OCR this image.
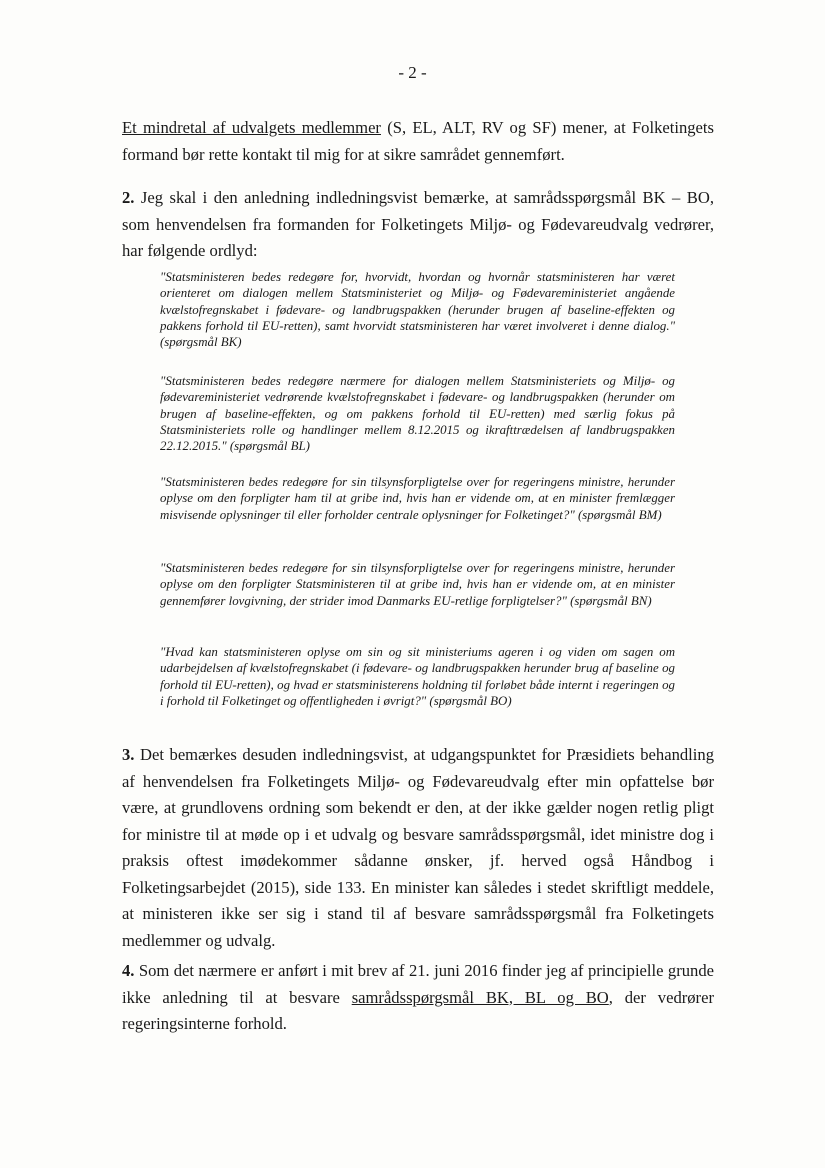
- 2 -

Et mindretal af udvalgets medlemmer (S, EL, ALT, RV og SF) mener, at Folketingets formand bør rette kontakt til mig for at sikre samrådet gennemført.

2. Jeg skal i den anledning indledningsvist bemærke, at samrådsspørgsmål BK – BO, som henvendelsen fra formanden for Folketingets Miljø- og Fødevareudvalg vedrører, har følgende ordlyd:

"Statsministeren bedes redegøre for, hvorvidt, hvordan og hvornår statsministeren har været orienteret om dialogen mellem Statsministeriet og Miljø- og Fødevareministeriet angående kvælstofregnskabet i fødevare- og landbrugspakken (herunder brugen af baseline-effekten og pakkens forhold til EU-retten), samt hvorvidt statsministeren har været involveret i denne dialog." (spørgsmål BK)

"Statsministeren bedes redegøre nærmere for dialogen mellem Statsministeriets og Miljø- og fødevareministeriet vedrørende kvælstofregnskabet i fødevare- og landbrugspakken (herunder om brugen af baseline-effekten, og om pakkens forhold til EU-retten) med særlig fokus på Statsministeriets rolle og handlinger mellem 8.12.2015 og ikrafttrædelsen af landbrugspakken 22.12.2015." (spørgsmål BL)

"Statsministeren bedes redegøre for sin tilsynsforpligtelse over for regeringens ministre, herunder oplyse om den forpligter ham til at gribe ind, hvis han er vidende om, at en minister fremlægger misvisende oplysninger til eller forholder centrale oplysninger for Folketinget?" (spørgsmål BM)

"Statsministeren bedes redegøre for sin tilsynsforpligtelse over for regeringens ministre, herunder oplyse om den forpligter Statsministeren til at gribe ind, hvis han er vidende om, at en minister gennemfører lovgivning, der strider imod Danmarks EU-retlige forpligtelser?" (spørgsmål BN)

"Hvad kan statsministeren oplyse om sin og sit ministeriums ageren i og viden om sagen om udarbejdelsen af kvælstofregnskabet (i fødevare- og landbrugspakken herunder brug af baseline og forhold til EU-retten), og hvad er statsministerens holdning til forløbet både internt i regeringen og i forhold til Folketinget og offentligheden i øvrigt?" (spørgsmål BO)

3. Det bemærkes desuden indledningsvist, at udgangspunktet for Præsidiets behandling af henvendelsen fra Folketingets Miljø- og Fødevareudvalg efter min opfattelse bør være, at grundlovens ordning som bekendt er den, at der ikke gælder nogen retlig pligt for ministre til at møde op i et udvalg og besvare samrådsspørgsmål, idet ministre dog i praksis oftest imødekommer sådanne ønsker, jf. herved også Håndbog i Folketingsarbejdet (2015), side 133. En minister kan således i stedet skriftligt meddele, at ministeren ikke ser sig i stand til af besvare samrådsspørgsmål fra Folketingets medlemmer og udvalg.

4. Som det nærmere er anført i mit brev af 21. juni 2016 finder jeg af principielle grunde ikke anledning til at besvare samrådsspørgsmål BK, BL og BO, der vedrører regeringsinterne forhold.
